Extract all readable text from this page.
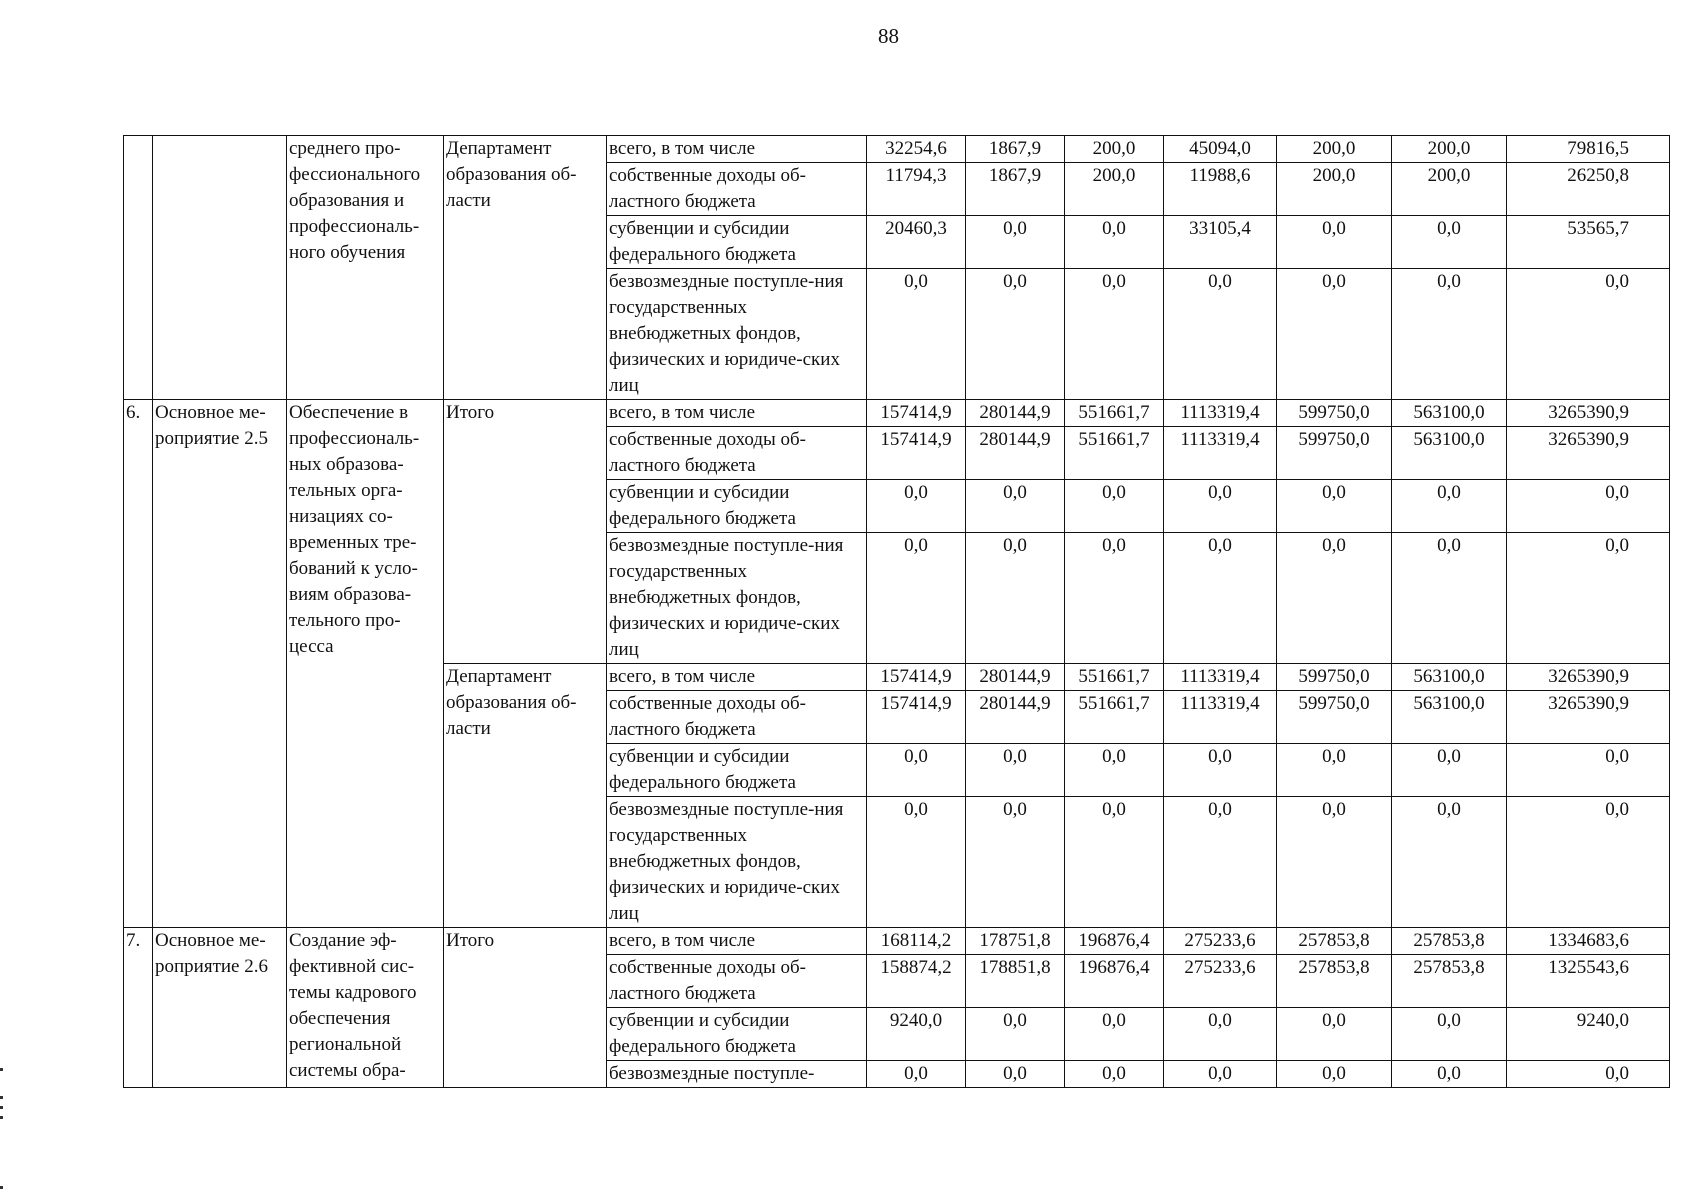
88
		среднего про-фессионального образования и профессиональ-ного обучения	Департамент образования об-ласти	всего, в том числе	32254,6	1867,9	200,0	45094,0	200,0	200,0	79816,5
				собственные доходы об-ластного бюджета	11794,3	1867,9	200,0	11988,6	200,0	200,0	26250,8
				субвенции и субсидии федерального бюджета	20460,3	0,0	0,0	33105,4	0,0	0,0	53565,7
				безвозмездные поступле-ния государственных внебюджетных фондов, физических и юридиче-ских лиц	0,0	0,0	0,0	0,0	0,0	0,0	0,0
6.	Основное ме-роприятие 2.5	Обеспечение в профессиональ-ных образова-тельных орга-низациях со-временных тре-бований к усло-виям образова-тельного про-цесса	Итого	всего, в том числе	157414,9	280144,9	551661,7	1113319,4	599750,0	563100,0	3265390,9
				собственные доходы об-ластного бюджета	157414,9	280144,9	551661,7	1113319,4	599750,0	563100,0	3265390,9
				субвенции и субсидии федерального бюджета	0,0	0,0	0,0	0,0	0,0	0,0	0,0
				безвозмездные поступле-ния государственных внебюджетных фондов, физических и юридиче-ских лиц	0,0	0,0	0,0	0,0	0,0	0,0	0,0
			Департамент образования об-ласти	всего, в том числе	157414,9	280144,9	551661,7	1113319,4	599750,0	563100,0	3265390,9
				собственные доходы об-ластного бюджета	157414,9	280144,9	551661,7	1113319,4	599750,0	563100,0	3265390,9
				субвенции и субсидии федерального бюджета	0,0	0,0	0,0	0,0	0,0	0,0	0,0
				безвозмездные поступле-ния государственных внебюджетных фондов, физических и юридиче-ских лиц	0,0	0,0	0,0	0,0	0,0	0,0	0,0
7.	Основное ме-роприятие 2.6	Создание эф-фективной сис-темы кадрового обеспечения региональной системы обра-	Итого	всего, в том числе	168114,2	178751,8	196876,4	275233,6	257853,8	257853,8	1334683,6
				собственные доходы об-ластного бюджета	158874,2	178851,8	196876,4	275233,6	257853,8	257853,8	1325543,6
				субвенции и субсидии федерального бюджета	9240,0	0,0	0,0	0,0	0,0	0,0	9240,0
				безвозмездные поступле-	0,0	0,0	0,0	0,0	0,0	0,0	0,0
